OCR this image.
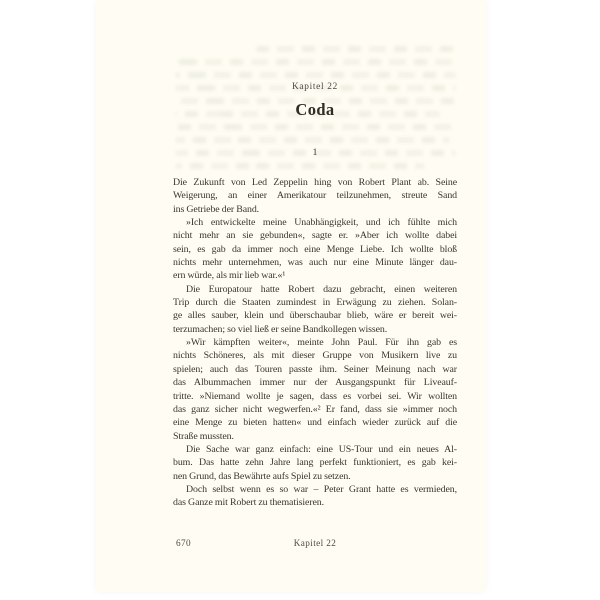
Kapitel 22
Coda
1
Die Zukunft von Led Zeppelin hing von Robert Plant ab. Seine
Weigerung, an einer Amerikatour teilzunehmen, streute Sand
ins Getriebe der Band.
»Ich entwickelte meine Unabhängigkeit, und ich fühlte mich
nicht mehr an sie gebunden«, sagte er. »Aber ich wollte dabei
sein, es gab da immer noch eine Menge Liebe. Ich wollte bloß
nichts mehr unternehmen, was auch nur eine Minute länger dau-
ern würde, als mir lieb war.«¹
Die Europatour hatte Robert dazu gebracht, einen weiteren
Trip durch die Staaten zumindest in Erwägung zu ziehen. Solan-
ge alles sauber, klein und überschaubar blieb, wäre er bereit wei-
terzumachen; so viel ließ er seine Bandkollegen wissen.
»Wir kämpften weiter«, meinte John Paul. Für ihn gab es
nichts Schöneres, als mit dieser Gruppe von Musikern live zu
spielen; auch das Touren passte ihm. Seiner Meinung nach war
das Albummachen immer nur der Ausgangspunkt für Liveauf-
tritte. »Niemand wollte je sagen, dass es vorbei sei. Wir wollten
das ganz sicher nicht wegwerfen.«² Er fand, dass sie »immer noch
eine Menge zu bieten hatten« und einfach wieder zurück auf die
Straße mussten.
Die Sache war ganz einfach: eine US-Tour und ein neues Al-
bum. Das hatte zehn Jahre lang perfekt funktioniert, es gab kei-
nen Grund, das Bewährte aufs Spiel zu setzen.
Doch selbst wenn es so war – Peter Grant hatte es vermieden,
das Ganze mit Robert zu thematisieren.
670	Kapitel 22
